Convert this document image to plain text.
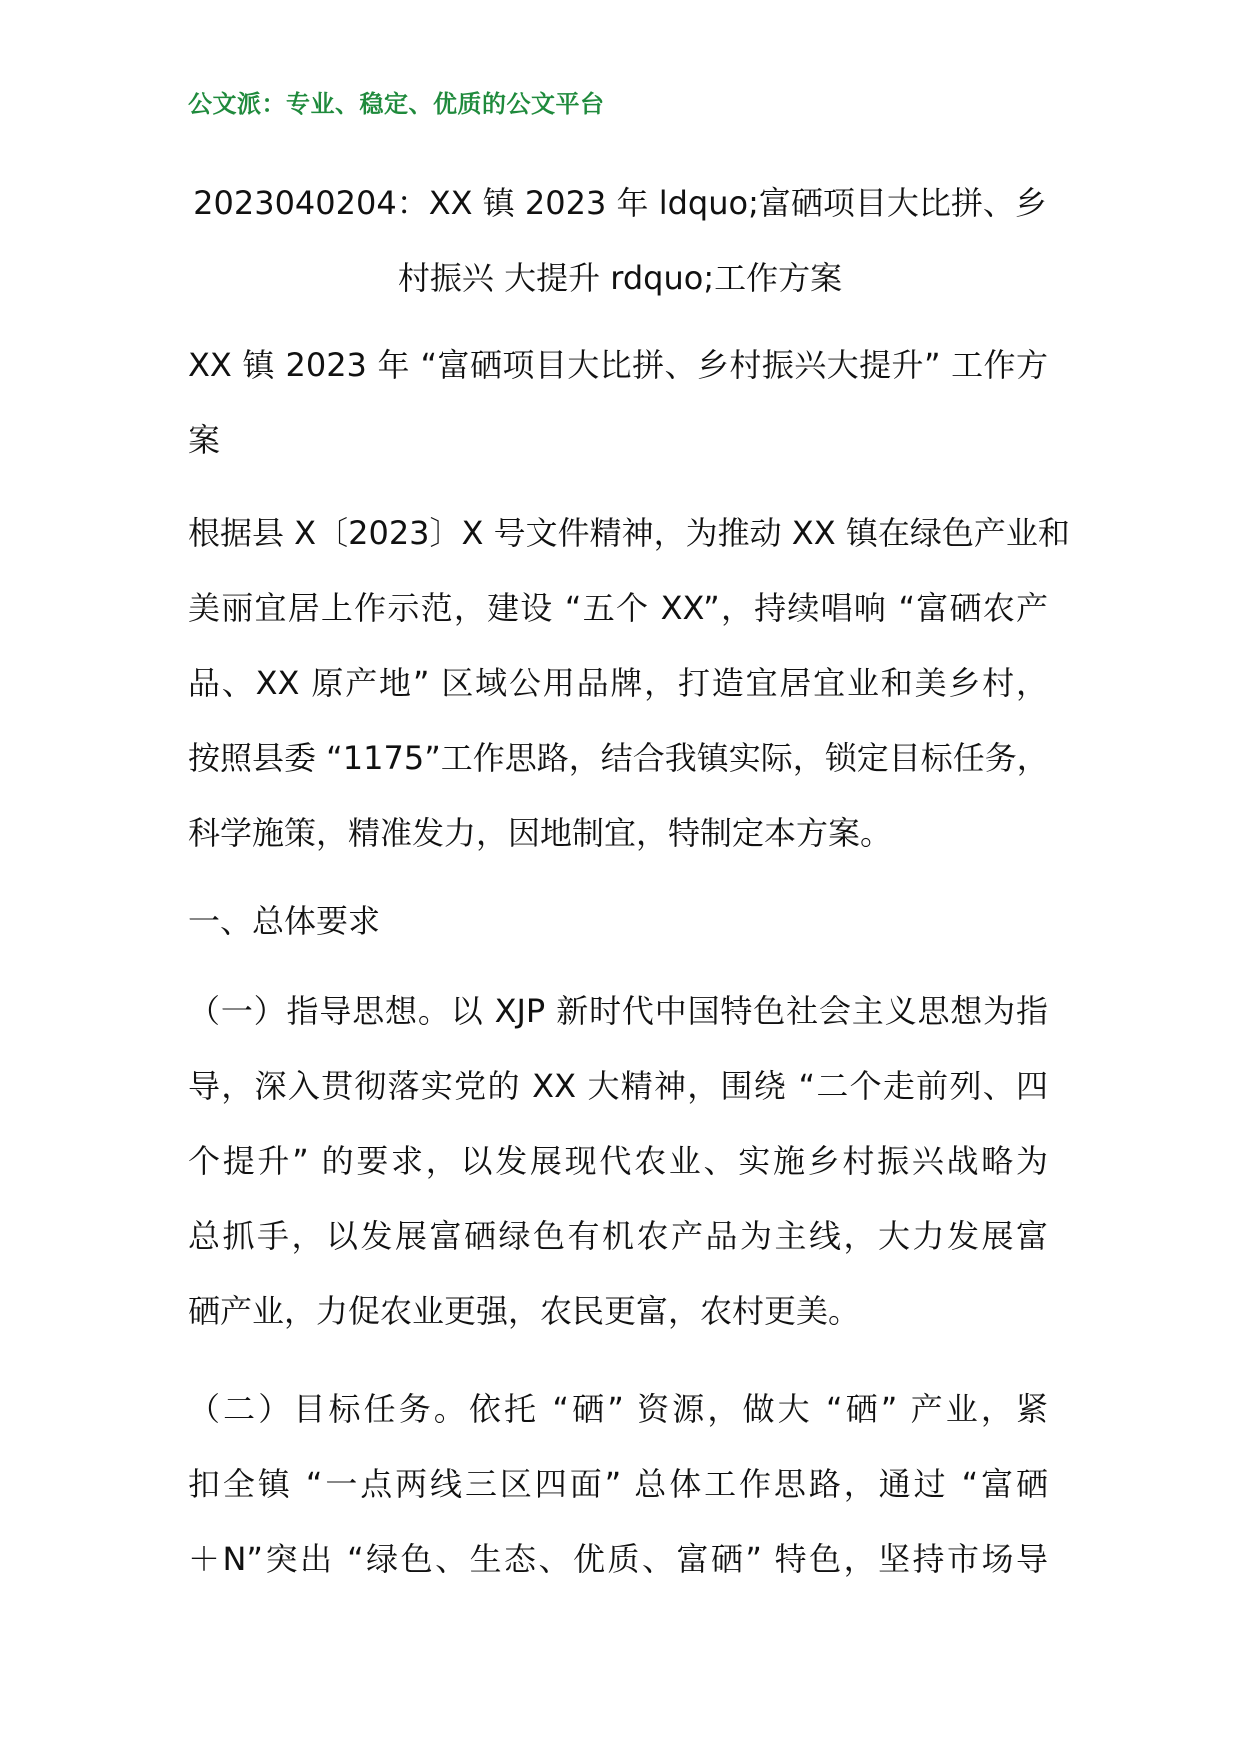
公文派：专业、稳定、优质的公文平台
2023040204：XX 镇 2023 年 ldquo;富硒项目大比拼、乡
村振兴 大提升 rdquo;工作方案
XX 镇 2023 年 “富硒项目大比拼、乡村振兴大提升” 工作方
案
根据县 X〔2023〕X 号文件精神，为推动 XX 镇在绿色产业和
美丽宜居上作示范，建设 “五个 XX”，持续唱响 “富硒农产
品、XX 原产地” 区域公用品牌，打造宜居宜业和美乡村，
按照县委 “1175”工作思路，结合我镇实际，锁定目标任务，
科学施策，精准发力，因地制宜，特制定本方案。
一、总体要求
（一）指导思想。以 XJP 新时代中国特色社会主义思想为指
导，深入贯彻落实党的 XX 大精神，围绕 “二个走前列、四
个提升” 的要求，以发展现代农业、实施乡村振兴战略为
总抓手，以发展富硒绿色有机农产品为主线，大力发展富
硒产业，力促农业更强，农民更富，农村更美。
（二）目标任务。依托 “硒” 资源，做大 “硒” 产业，紧
扣全镇 “一点两线三区四面” 总体工作思路，通过 “富硒
＋N”突出 “绿色、生态、优质、富硒” 特色，坚持市场导
